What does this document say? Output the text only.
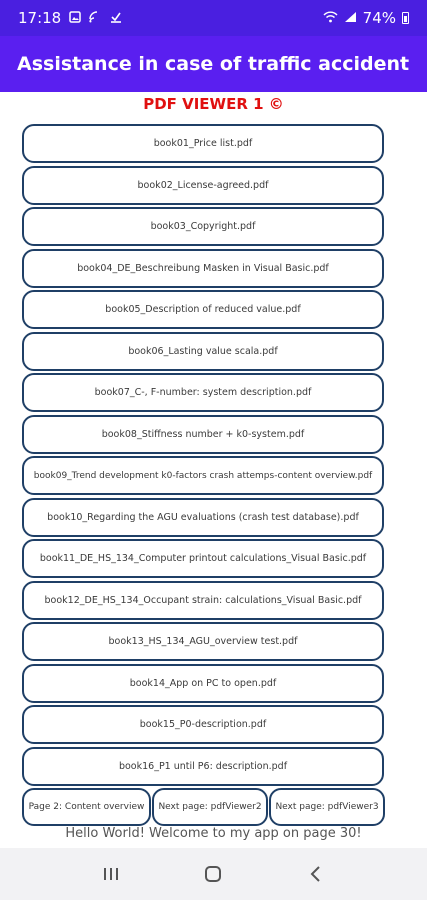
17:18	74%
Assistance in case of traffic accident
PDF VIEWER 1 ©
book01_Price list.pdf
book02_License-agreed.pdf
book03_Copyright.pdf
book04_DE_Beschreibung Masken in Visual Basic.pdf
book05_Description of reduced value.pdf
book06_Lasting value scala.pdf
book07_C-, F-number: system description.pdf
book08_Stiffness number + k0-system.pdf
book09_Trend development k0-factors crash attemps-content overview.pdf
book10_Regarding the AGU evaluations (crash test database).pdf
book11_DE_HS_134_Computer printout calculations_Visual Basic.pdf
book12_DE_HS_134_Occupant strain: calculations_Visual Basic.pdf
book13_HS_134_AGU_overview test.pdf
book14_App on PC to open.pdf
book15_P0-description.pdf
book16_P1 until P6: description.pdf
Page 2: Content overview	Next page: pdfViewer2	Next page: pdfViewer3
Hello World! Welcome to my app on page 30!
